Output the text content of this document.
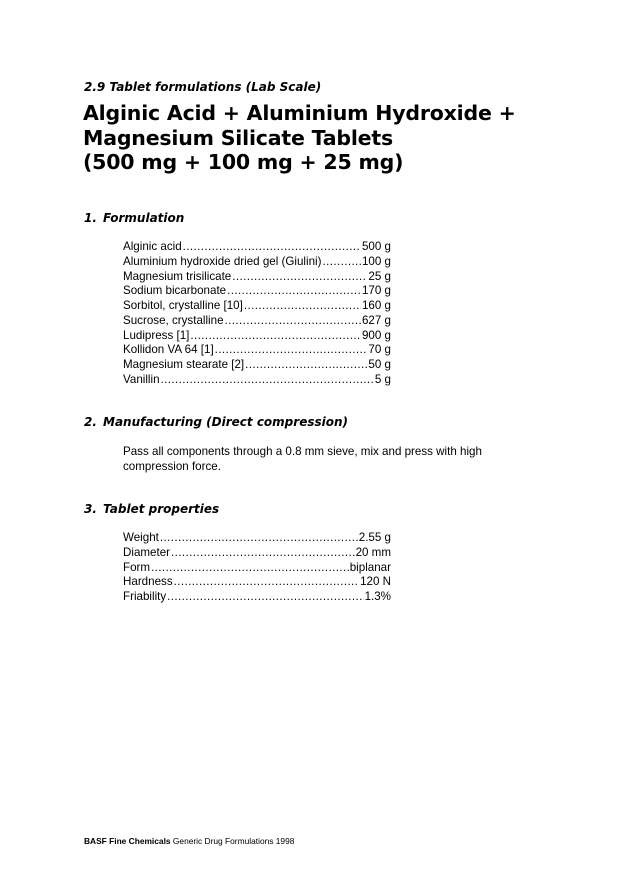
2.9 Tablet formulations (Lab Scale)

Alginic Acid + Aluminium Hydroxide +
Magnesium Silicate Tablets
(500 mg + 100 mg + 25 mg)
1. Formulation
Alginic acid .....	500 g
Aluminium hydroxide dried gel (Giulini) .....	100 g
Magnesium trisilicate .....	25 g
Sodium bicarbonate .....	170 g
Sorbitol, crystalline [10] .....	160 g
Sucrose, crystalline .....	627 g
Ludipress [1] .....	900 g
Kollidon VA 64 [1] .....	70 g
Magnesium stearate [2] .....	50 g
Vanillin .....	5 g
2. Manufacturing (Direct compression)

Pass all components through a 0.8 mm sieve, mix and press with high
compression force.

3. Tablet properties
Weight .....	2.55 g
Diameter .....	20 mm
Form .....	biplanar
Hardness .....	120 N
Friability .....	1.3%

BASF Fine Chemicals Generic Drug Formulations 1998
